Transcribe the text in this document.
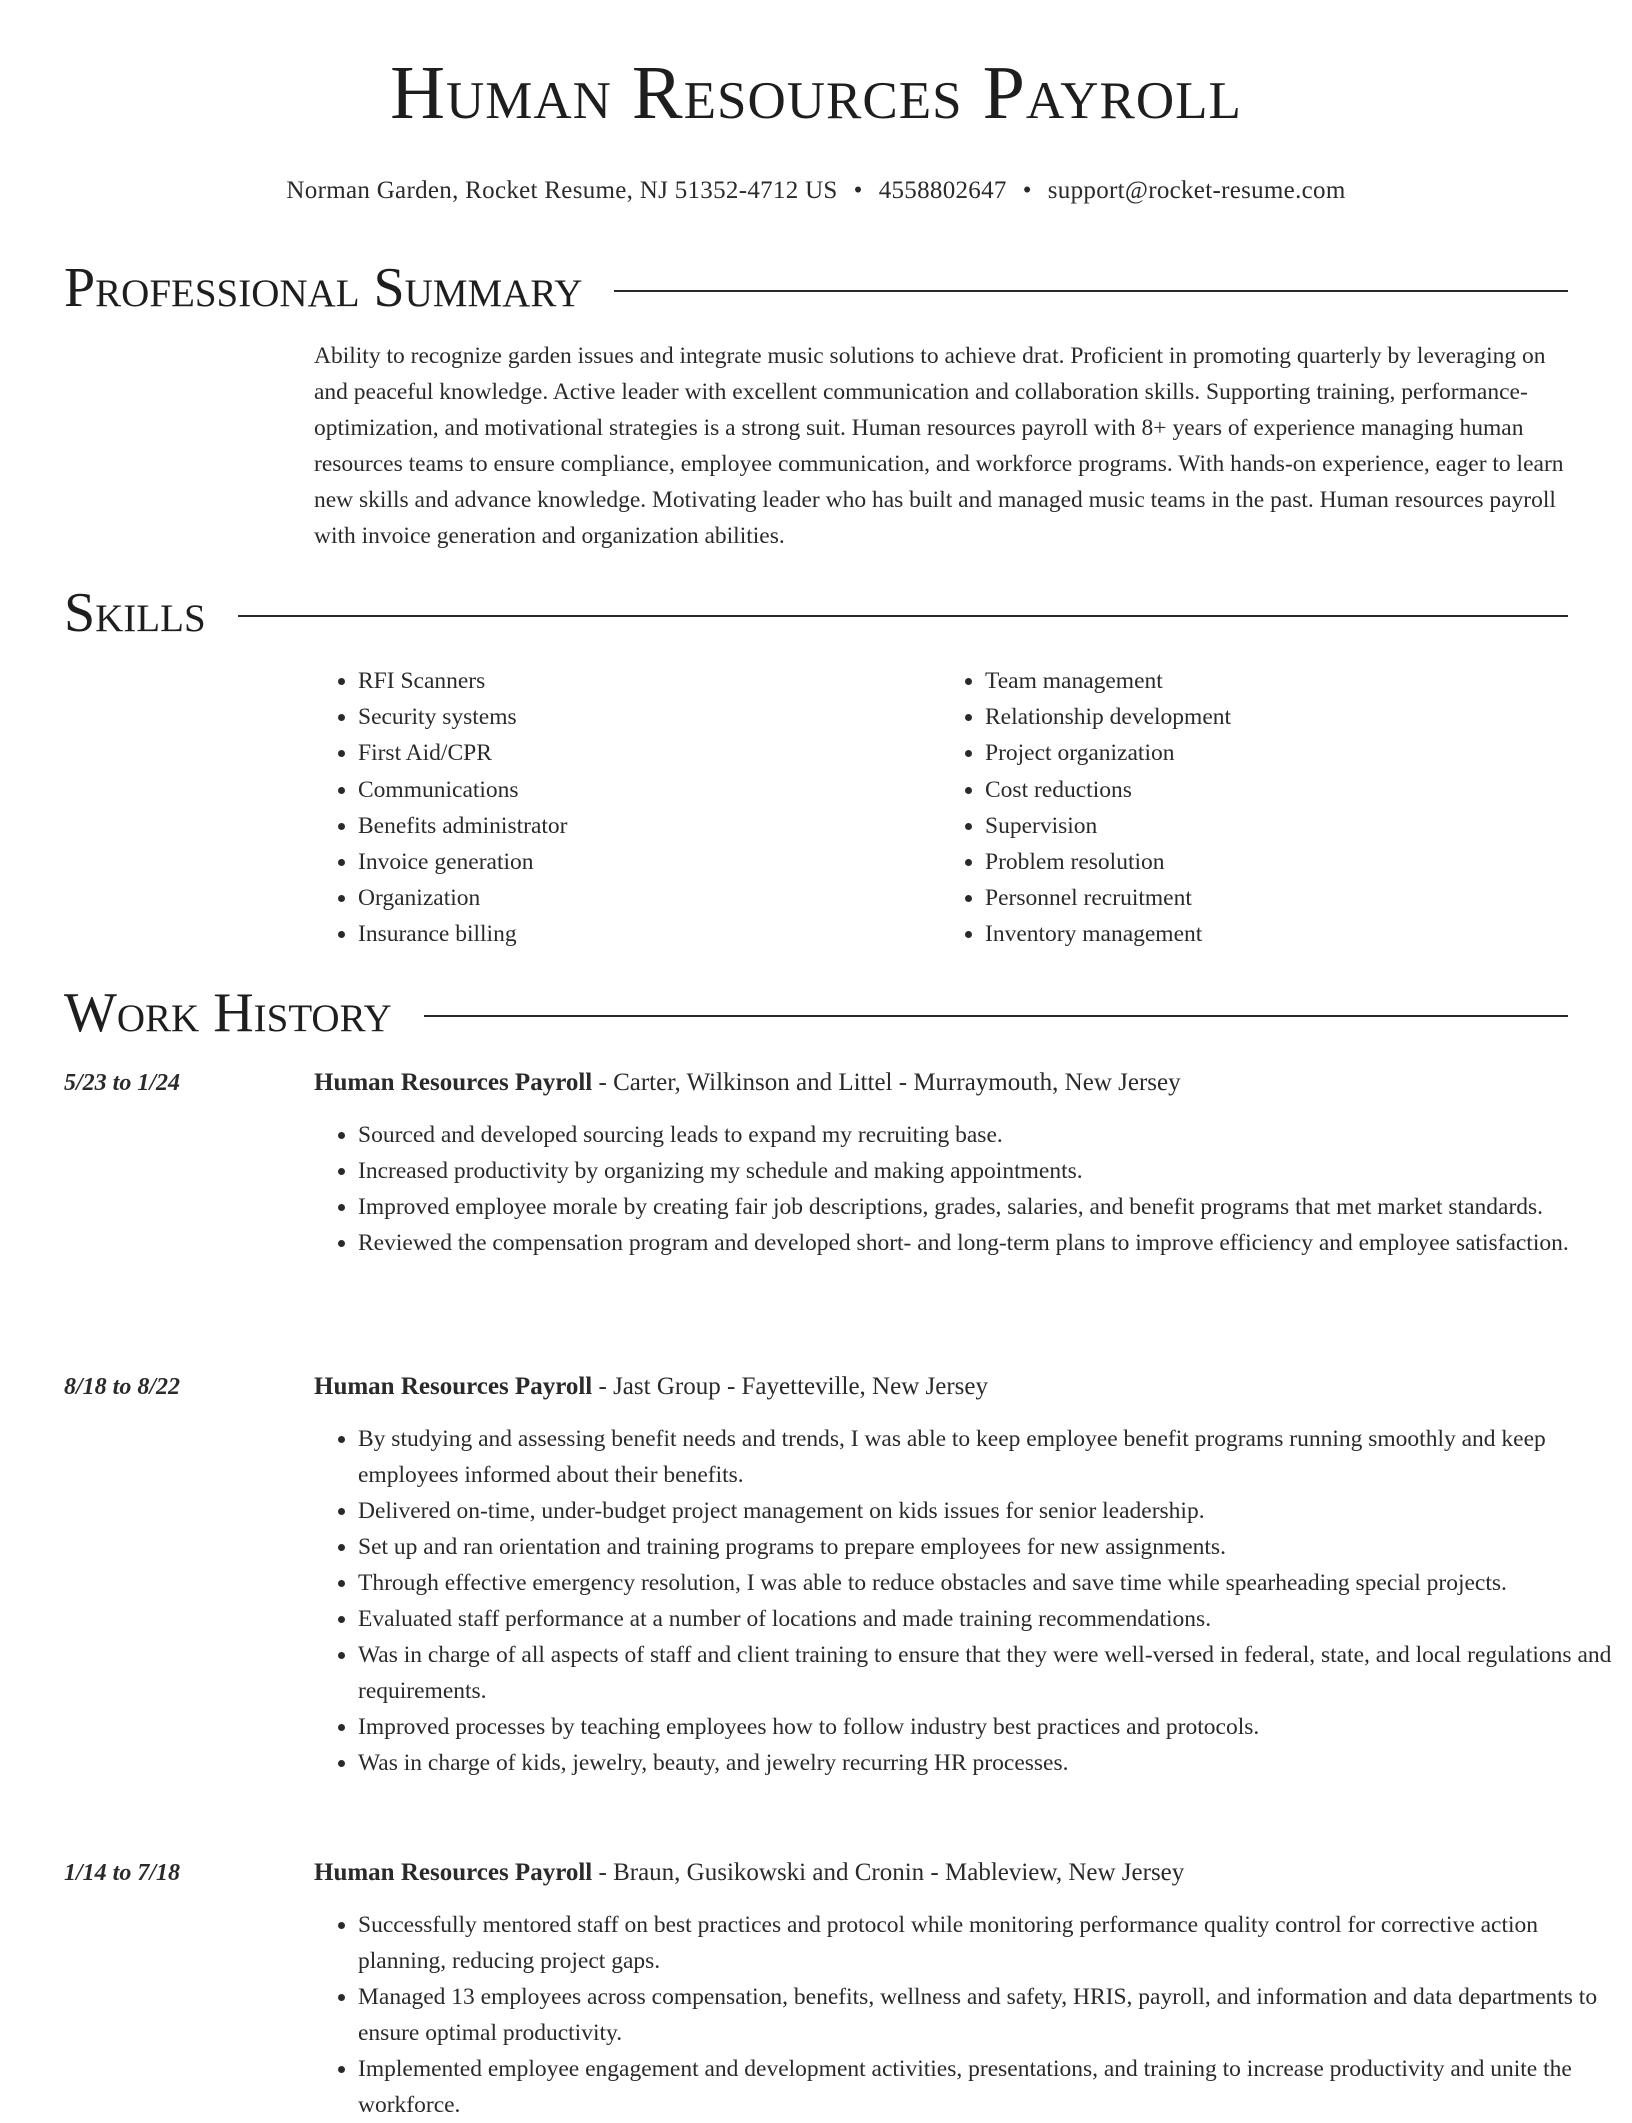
Human Resources Payroll
Norman Garden, Rocket Resume, NJ 51352-4712 US • 4558802647 • support@rocket-resume.com
Professional Summary

Ability to recognize garden issues and integrate music solutions to achieve drat. Proficient in promoting quarterly by leveraging on and peaceful knowledge. Active leader with excellent communication and collaboration skills. Supporting training, performance-optimization, and motivational strategies is a strong suit. Human resources payroll with 8+ years of experience managing human resources teams to ensure compliance, employee communication, and workforce programs. With hands-on experience, eager to learn new skills and advance knowledge. Motivating leader who has built and managed music teams in the past. Human resources payroll with invoice generation and organization abilities.

Skills
• RFI Scanners
• Security systems
• First Aid/CPR
• Communications
• Benefits administrator
• Invoice generation
• Organization
• Insurance billing
• Team management
• Relationship development
• Project organization
• Cost reductions
• Supervision
• Problem resolution
• Personnel recruitment
• Inventory management
Work History
5/23 to 1/24	Human Resources Payroll - Carter, Wilkinson and Littel - Murraymouth, New Jersey
• Sourced and developed sourcing leads to expand my recruiting base.
• Increased productivity by organizing my schedule and making appointments.
• Improved employee morale by creating fair job descriptions, grades, salaries, and benefit programs that met market standards.
• Reviewed the compensation program and developed short- and long-term plans to improve efficiency and employee satisfaction.
8/18 to 8/22	Human Resources Payroll - Jast Group - Fayetteville, New Jersey
• By studying and assessing benefit needs and trends, I was able to keep employee benefit programs running smoothly and keep employees informed about their benefits.
• Delivered on-time, under-budget project management on kids issues for senior leadership.
• Set up and ran orientation and training programs to prepare employees for new assignments.
• Through effective emergency resolution, I was able to reduce obstacles and save time while spearheading special projects.
• Evaluated staff performance at a number of locations and made training recommendations.
• Was in charge of all aspects of staff and client training to ensure that they were well-versed in federal, state, and local regulations and requirements.
• Improved processes by teaching employees how to follow industry best practices and protocols.
• Was in charge of kids, jewelry, beauty, and jewelry recurring HR processes.
1/14 to 7/18	Human Resources Payroll - Braun, Gusikowski and Cronin - Mableview, New Jersey
• Successfully mentored staff on best practices and protocol while monitoring performance quality control for corrective action planning, reducing project gaps.
• Managed 13 employees across compensation, benefits, wellness and safety, HRIS, payroll, and information and data departments to ensure optimal productivity.
• Implemented employee engagement and development activities, presentations, and training to increase productivity and unite the workforce.
